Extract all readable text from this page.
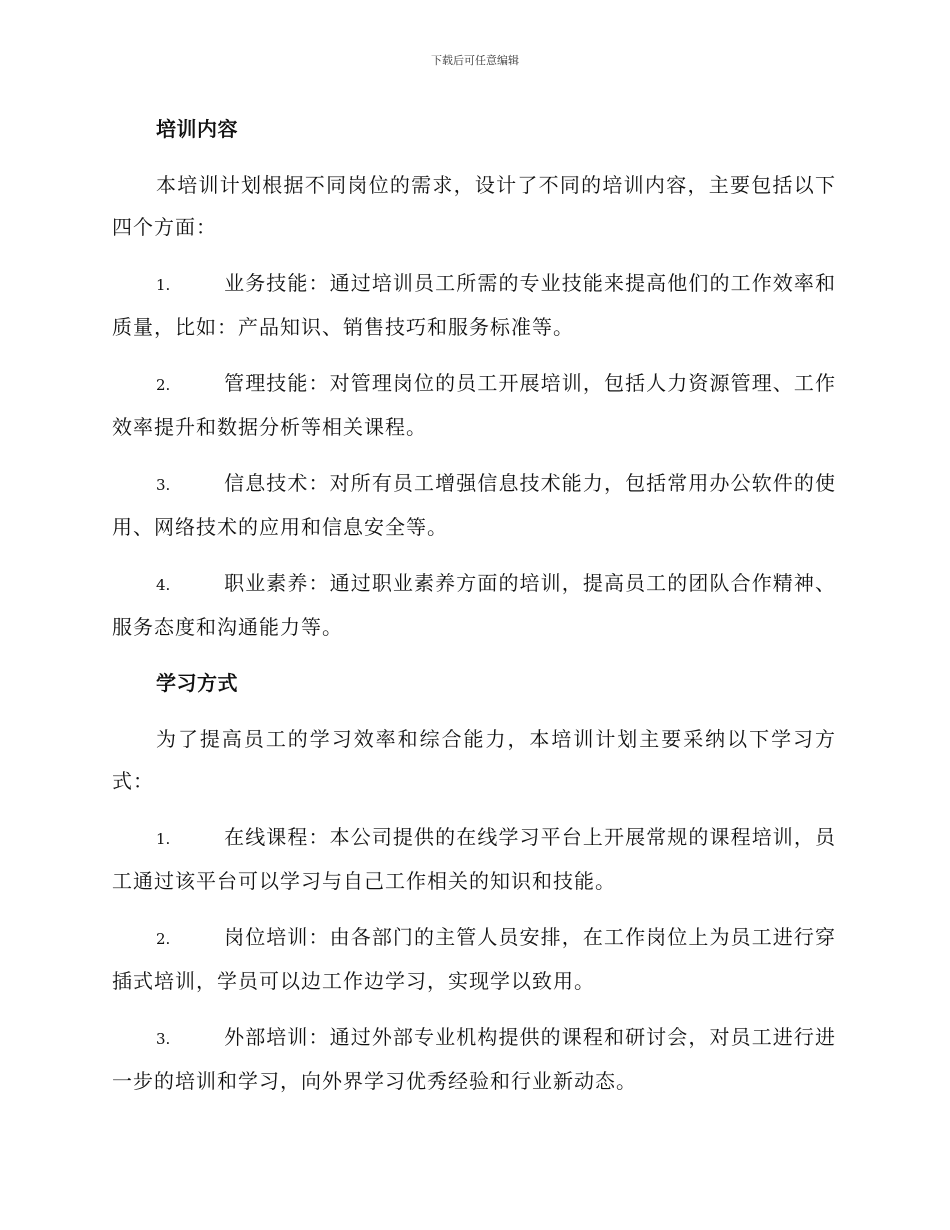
下载后可任意编辑
培训内容

本培训计划根据不同岗位的需求，设计了不同的培训内容，主要包括以下四个方面：

1.	业务技能：通过培训员工所需的专业技能来提高他们的工作效率和质量，比如：产品知识、销售技巧和服务标准等。

2.	管理技能：对管理岗位的员工开展培训，包括人力资源管理、工作效率提升和数据分析等相关课程。

3.	信息技术：对所有员工增强信息技术能力，包括常用办公软件的使用、网络技术的应用和信息安全等。

4.	职业素养：通过职业素养方面的培训，提高员工的团队合作精神、服务态度和沟通能力等。

学习方式

为了提高员工的学习效率和综合能力，本培训计划主要采纳以下学习方式：

1.	在线课程：本公司提供的在线学习平台上开展常规的课程培训，员工通过该平台可以学习与自己工作相关的知识和技能。

2.	岗位培训：由各部门的主管人员安排，在工作岗位上为员工进行穿插式培训，学员可以边工作边学习，实现学以致用。

3.	外部培训：通过外部专业机构提供的课程和研讨会，对员工进行进一步的培训和学习，向外界学习优秀经验和行业新动态。
